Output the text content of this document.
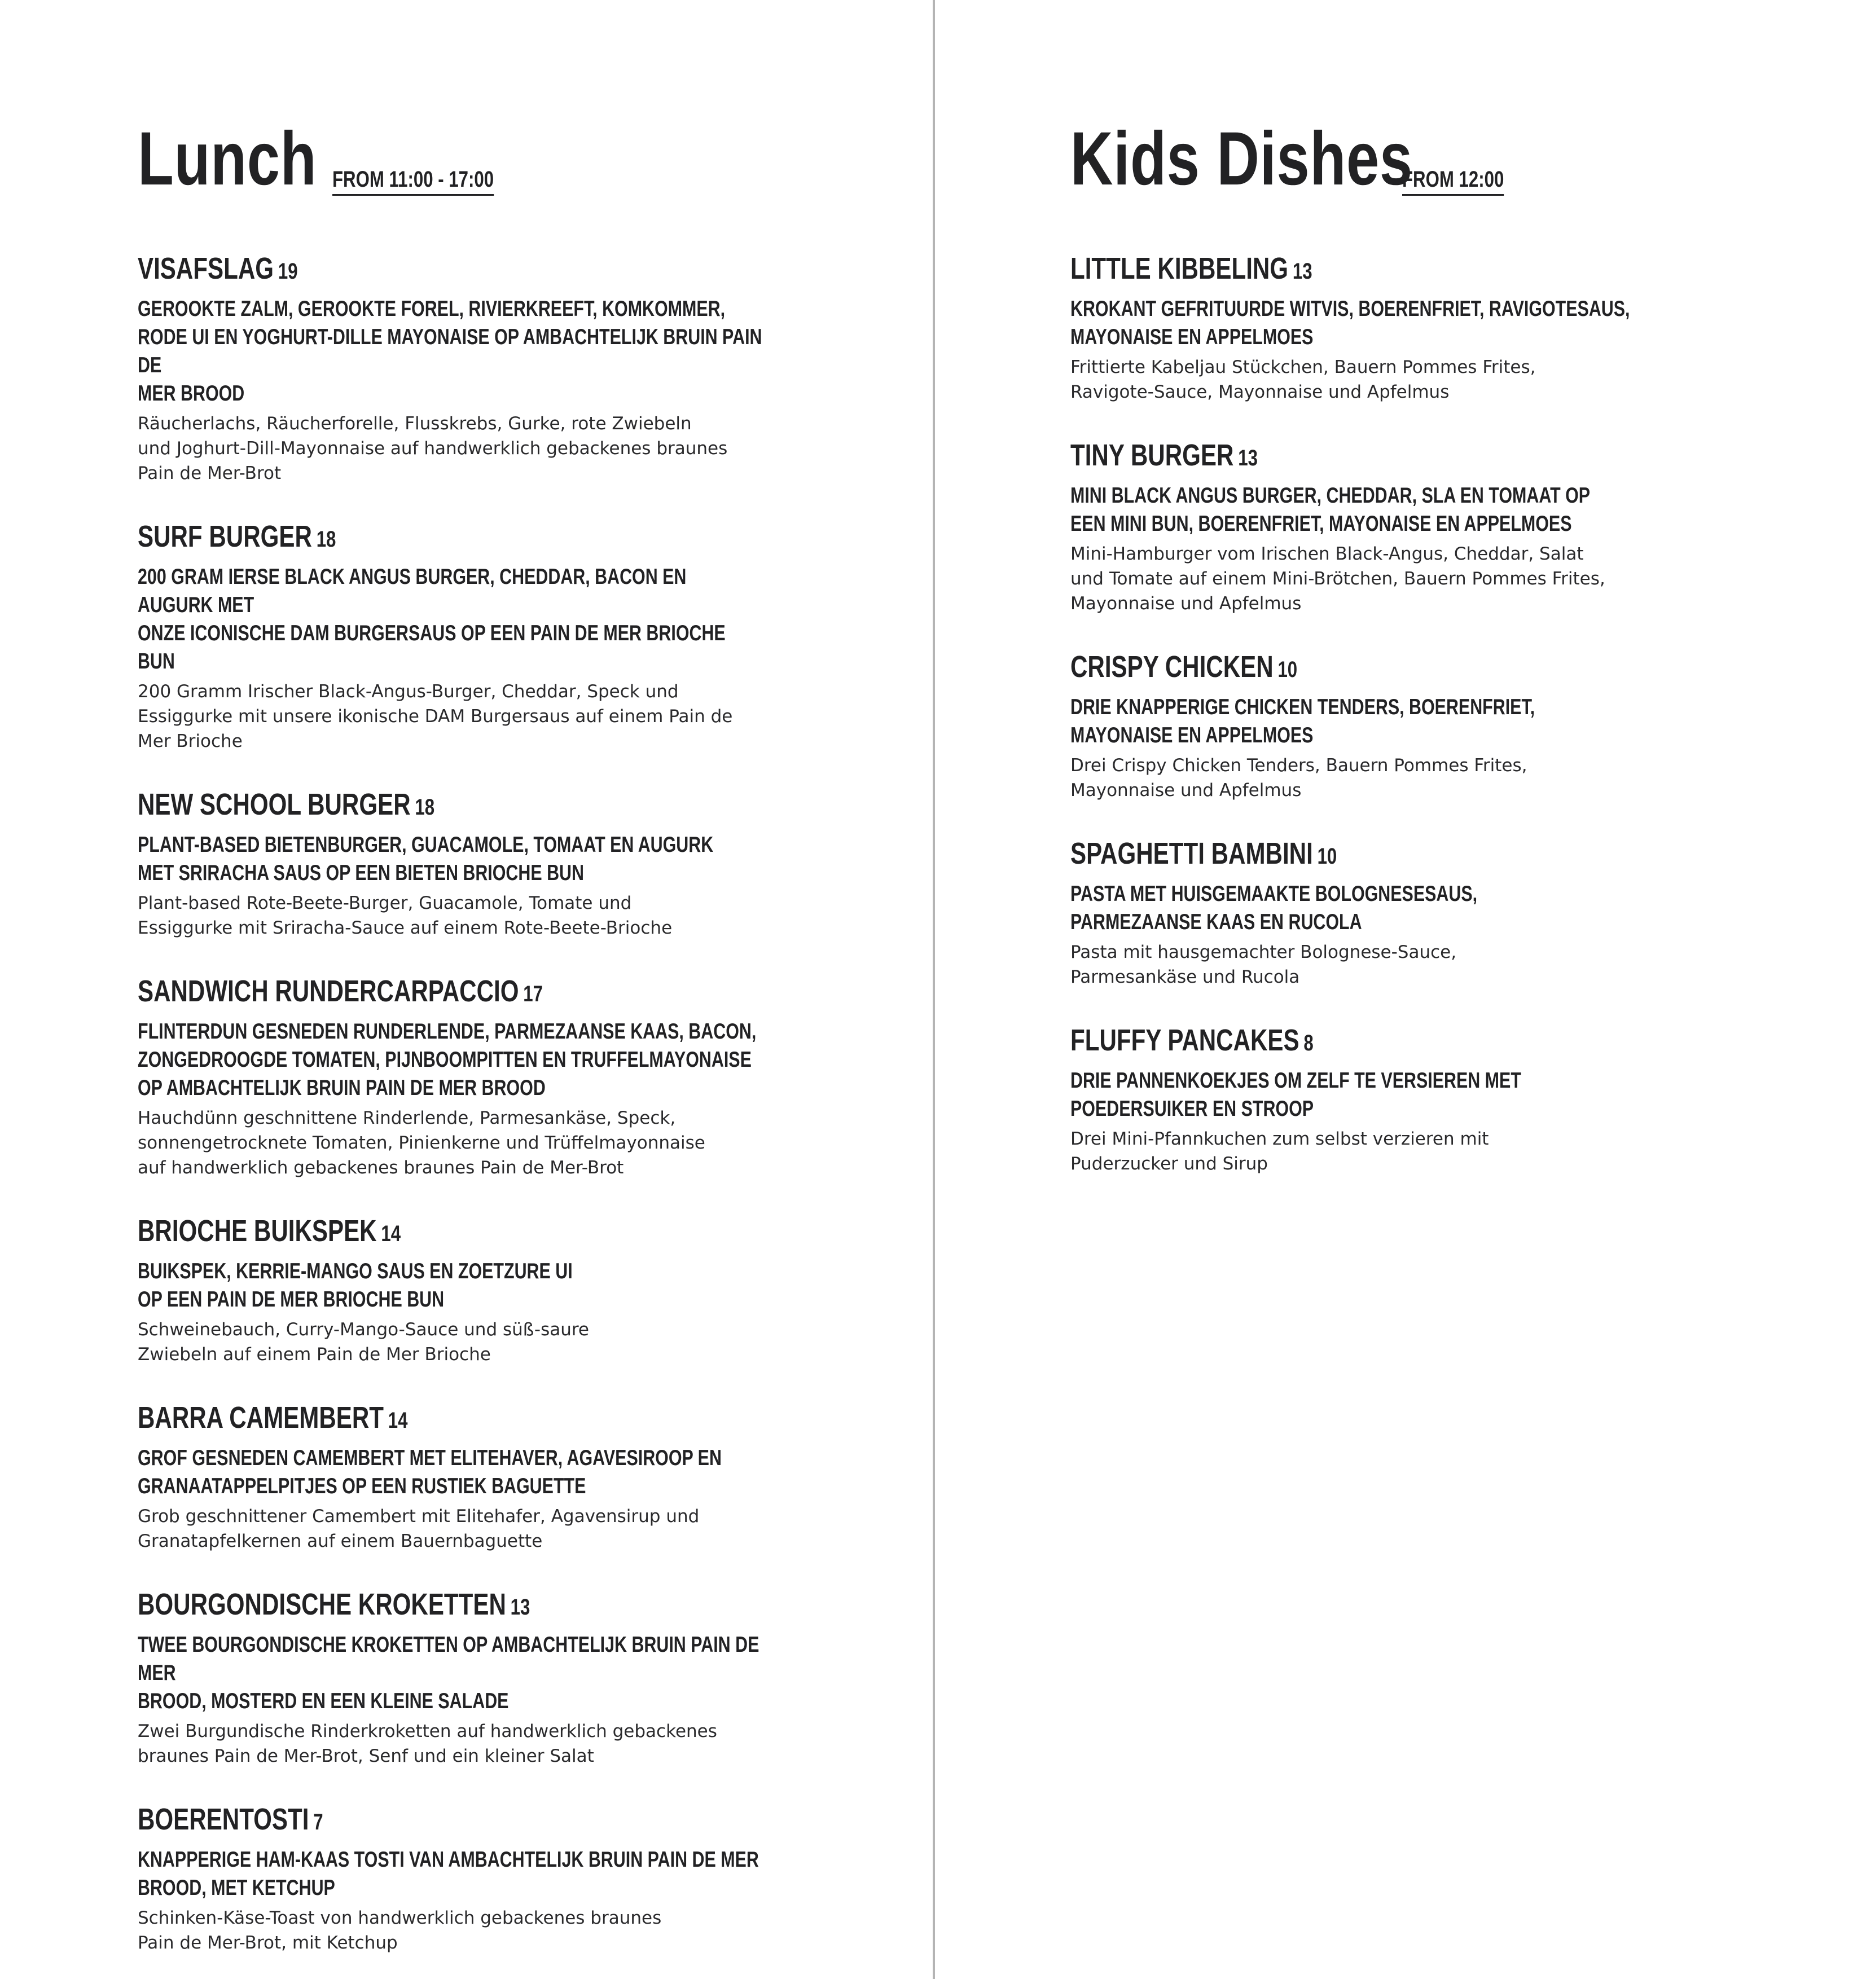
Lunch FROM 11:00 - 17:00
VISAFSLAG 19
GEROOKTE ZALM, GEROOKTE FOREL, RIVIERKREEFT, KOMKOMMER,
RODE UI EN YOGHURT-DILLE MAYONAISE OP AMBACHTELIJK BRUIN PAIN DE
MER BROOD
Räucherlachs, Räucherforelle, Flusskrebs, Gurke, rote Zwiebeln
und Joghurt-Dill-Mayonnaise auf handwerklich gebackenes braunes
Pain de Mer-Brot
SURF BURGER 18
200 GRAM IERSE BLACK ANGUS BURGER, CHEDDAR, BACON EN AUGURK MET
ONZE ICONISCHE DAM BURGERSAUS OP EEN PAIN DE MER BRIOCHE BUN
200 Gramm Irischer Black-Angus-Burger, Cheddar, Speck und
Essiggurke mit unsere ikonische DAM Burgersaus auf einem Pain de
Mer Brioche
NEW SCHOOL BURGER 18
PLANT-BASED BIETENBURGER, GUACAMOLE, TOMAAT EN AUGURK
MET SRIRACHA SAUS OP EEN BIETEN BRIOCHE BUN
Plant-based Rote-Beete-Burger, Guacamole, Tomate und
Essiggurke mit Sriracha-Sauce auf einem Rote-Beete-Brioche
SANDWICH RUNDERCARPACCIO 17
FLINTERDUN GESNEDEN RUNDERLENDE, PARMEZAANSE KAAS, BACON,
ZONGEDROOGDE TOMATEN, PIJNBOOMPITTEN EN TRUFFELMAYONAISE
OP AMBACHTELIJK BRUIN PAIN DE MER BROOD
Hauchdünn geschnittene Rinderlende, Parmesankäse, Speck,
sonnengetrocknete Tomaten, Pinienkerne und Trüffelmayonnaise
auf handwerklich gebackenes braunes Pain de Mer-Brot
BRIOCHE BUIKSPEK 14
BUIKSPEK, KERRIE-MANGO SAUS EN ZOETZURE UI
OP EEN PAIN DE MER BRIOCHE BUN
Schweinebauch, Curry-Mango-Sauce und süß-saure
Zwiebeln auf einem Pain de Mer Brioche
BARRA CAMEMBERT 14
GROF GESNEDEN CAMEMBERT MET ELITEHAVER, AGAVESIROOP EN
GRANAATAPPELPITJES OP EEN RUSTIEK BAGUETTE
Grob geschnittener Camembert mit Elitehafer, Agavensirup und
Granatapfelkernen auf einem Bauernbaguette
BOURGONDISCHE KROKETTEN 13
TWEE BOURGONDISCHE KROKETTEN OP AMBACHTELIJK BRUIN PAIN DE MER
BROOD, MOSTERD EN EEN KLEINE SALADE
Zwei Burgundische Rinderkroketten auf handwerklich gebackenes
braunes Pain de Mer-Brot, Senf und ein kleiner Salat
BOERENTOSTI 7
KNAPPERIGE HAM-KAAS TOSTI VAN AMBACHTELIJK BRUIN PAIN DE MER
BROOD, MET KETCHUP
Schinken-Käse-Toast von handwerklich gebackenes braunes
Pain de Mer-Brot, mit Ketchup
Kids Dishes
FROM 12:00
LITTLE KIBBELING 13
KROKANT GEFRITUURDE WITVIS, BOERENFRIET, RAVIGOTESAUS,
MAYONAISE EN APPELMOES
Frittierte Kabeljau Stückchen, Bauern Pommes Frites,
Ravigote-Sauce, Mayonnaise und Apfelmus
TINY BURGER 13
MINI BLACK ANGUS BURGER, CHEDDAR, SLA EN TOMAAT OP
EEN MINI BUN, BOERENFRIET, MAYONAISE EN APPELMOES
Mini-Hamburger vom Irischen Black-Angus, Cheddar, Salat
und Tomate auf einem Mini-Brötchen, Bauern Pommes Frites,
Mayonnaise und Apfelmus
CRISPY CHICKEN 10
DRIE KNAPPERIGE CHICKEN TENDERS, BOERENFRIET,
MAYONAISE EN APPELMOES
Drei Crispy Chicken Tenders, Bauern Pommes Frites,
Mayonnaise und Apfelmus
SPAGHETTI BAMBINI 10
PASTA MET HUISGEMAAKTE BOLOGNESESAUS,
PARMEZAANSE KAAS EN RUCOLA
Pasta mit hausgemachter Bolognese-Sauce,
Parmesankäse und Rucola
FLUFFY PANCAKES 8
DRIE PANNENKOEKJES OM ZELF TE VERSIEREN MET
POEDERSUIKER EN STROOP
Drei Mini-Pfannkuchen zum selbst verzieren mit
Puderzucker und Sirup
